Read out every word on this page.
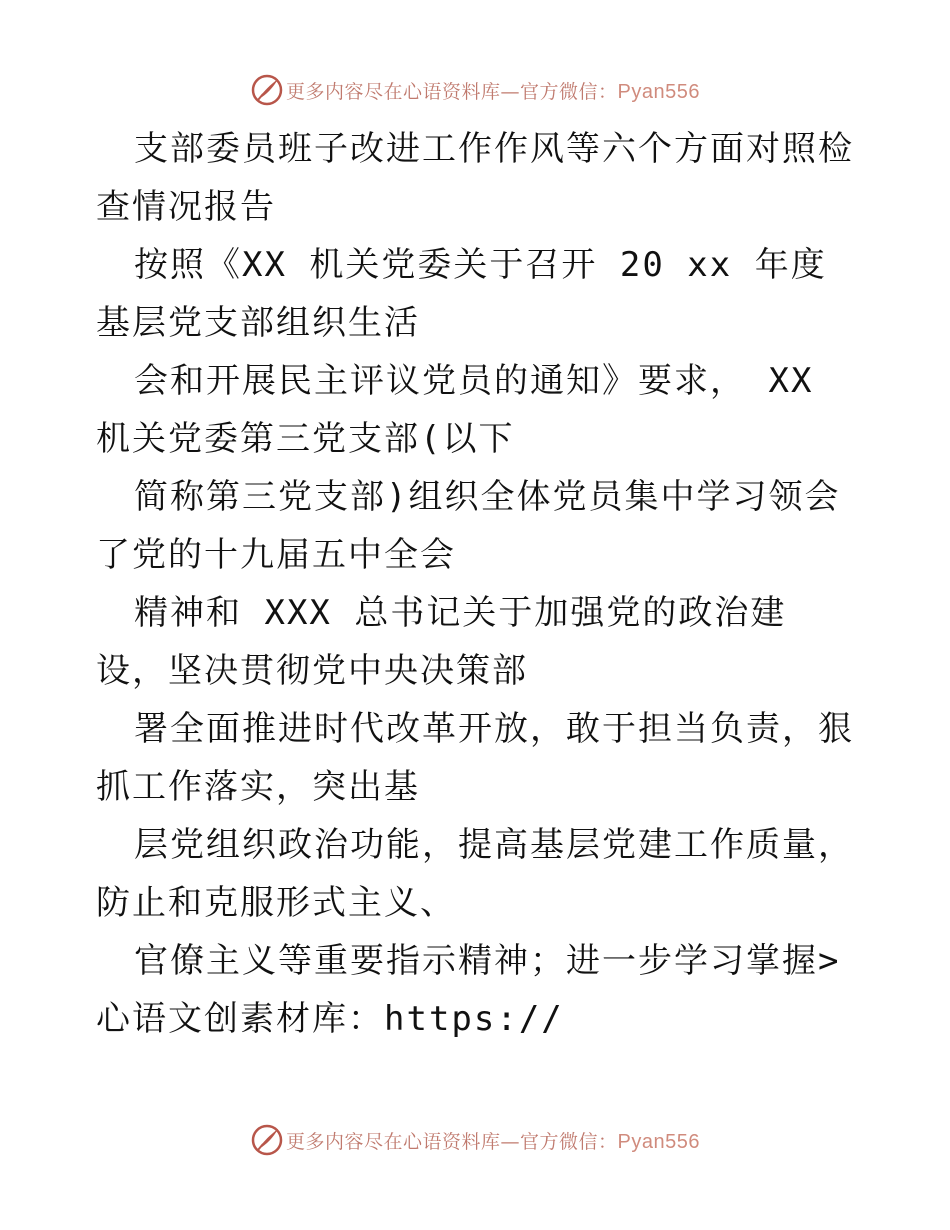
更多内容尽在心语资料库—官方微信：Pyan556

支部委员班子改进工作作风等六个方面对照检查情况报告

按照《XX 机关党委关于召开 20 xx 年度基层党支部组织生活

会和开展民主评议党员的通知》要求， XX 机关党委第三党支部(以下

简称第三党支部)组织全体党员集中学习领会了党的十九届五中全会

精神和 XXX 总书记关于加强党的政治建设，坚决贯彻党中央决策部

署全面推进时代改革开放，敢于担当负责，狠抓工作落实，突出基

层党组织政治功能，提高基层党建工作质量，防止和克服形式主义、

官僚主义等重要指示精神；进一步学习掌握>心语文创素材库：https://

更多内容尽在心语资料库—官方微信：Pyan556
